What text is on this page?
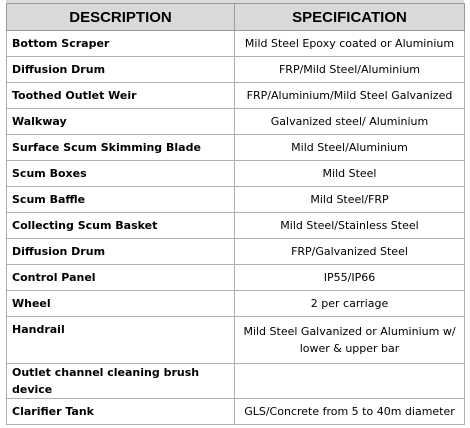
DESCRIPTION	SPECIFICATION
Bottom Scraper	Mild Steel Epoxy coated or Aluminium
Diffusion Drum	FRP/Mild Steel/Aluminium
Toothed Outlet Weir	FRP/Aluminium/Mild Steel Galvanized
Walkway	Galvanized steel/ Aluminium
Surface Scum Skimming Blade	Mild Steel/Aluminium
Scum Boxes	Mild Steel
Scum Baffle	Mild Steel/FRP
Collecting Scum Basket	Mild Steel/Stainless Steel
Diffusion Drum	FRP/Galvanized Steel
Control Panel	IP55/IP66
Wheel	2 per carriage
Handrail	Mild Steel Galvanized or Aluminium w/ lower & upper bar
Outlet channel cleaning brush device	
Clarifier Tank	GLS/Concrete from 5 to 40m diameter
